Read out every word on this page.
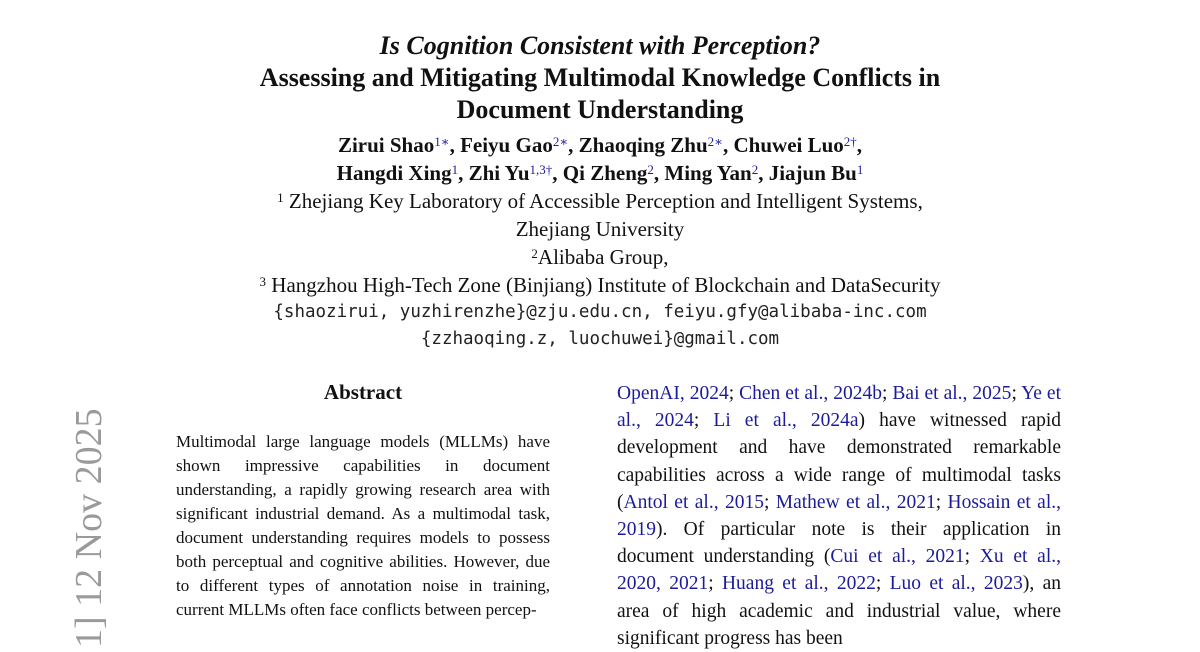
1] 12 Nov 2025
Is Cognition Consistent with Perception?
Assessing and Mitigating Multimodal Knowledge Conflicts in
Document Understanding
Zirui Shao$^{1∗}$, Feiyu Gao$^{2∗}$, Zhaoqing Zhu$^{2∗}$, Chuwei Luo$^{2\dagger}$,
Hangdi Xing$^1$, Zhi $Yu^{1,3\dagger}$, Qi Zheng$^2$, Ming Yan$^2$, Jiajun Bu$^1$
$^1$ Zhejiang Key Laboratory of Accessible Perception and Intelligent Systems,
Zhejiang University
$^2$Alibaba Group,
$^3$ Hangzhou High-Tech Zone (Binjiang) Institute of Blockchain and DataSecurity
{shaozirui, yuzhirenzhe}@zju.edu.cn, feiyu.gfy@alibaba-inc.com
{zzhaoqing.z, luochuwei}@gmail.com
Abstract
Multimodal large language models (MLLMs) have shown impressive capabilities in document understanding, a rapidly growing research area with significant industrial demand. As a multimodal task, document understanding requires models to possess both perceptual and cognitive abilities. However, due to different types of annotation noise in training, current MLLMs often face conflicts between percep-
OpenAI, 2024; Chen et al., 2024b; Bai et al., 2025; Ye et al., 2024; Li et al., 2024a) have witnessed rapid development and have demonstrated remarkable capabilities across a wide range of multimodal tasks (Antol et al., 2015; Mathew et al., 2021; Hossain et al., 2019). Of particular note is their application in document understanding (Cui et al., 2021; Xu et al., 2020, 2021; Huang et al., 2022; Luo et al., 2023), an area of high academic and industrial value, where significant progress has been
